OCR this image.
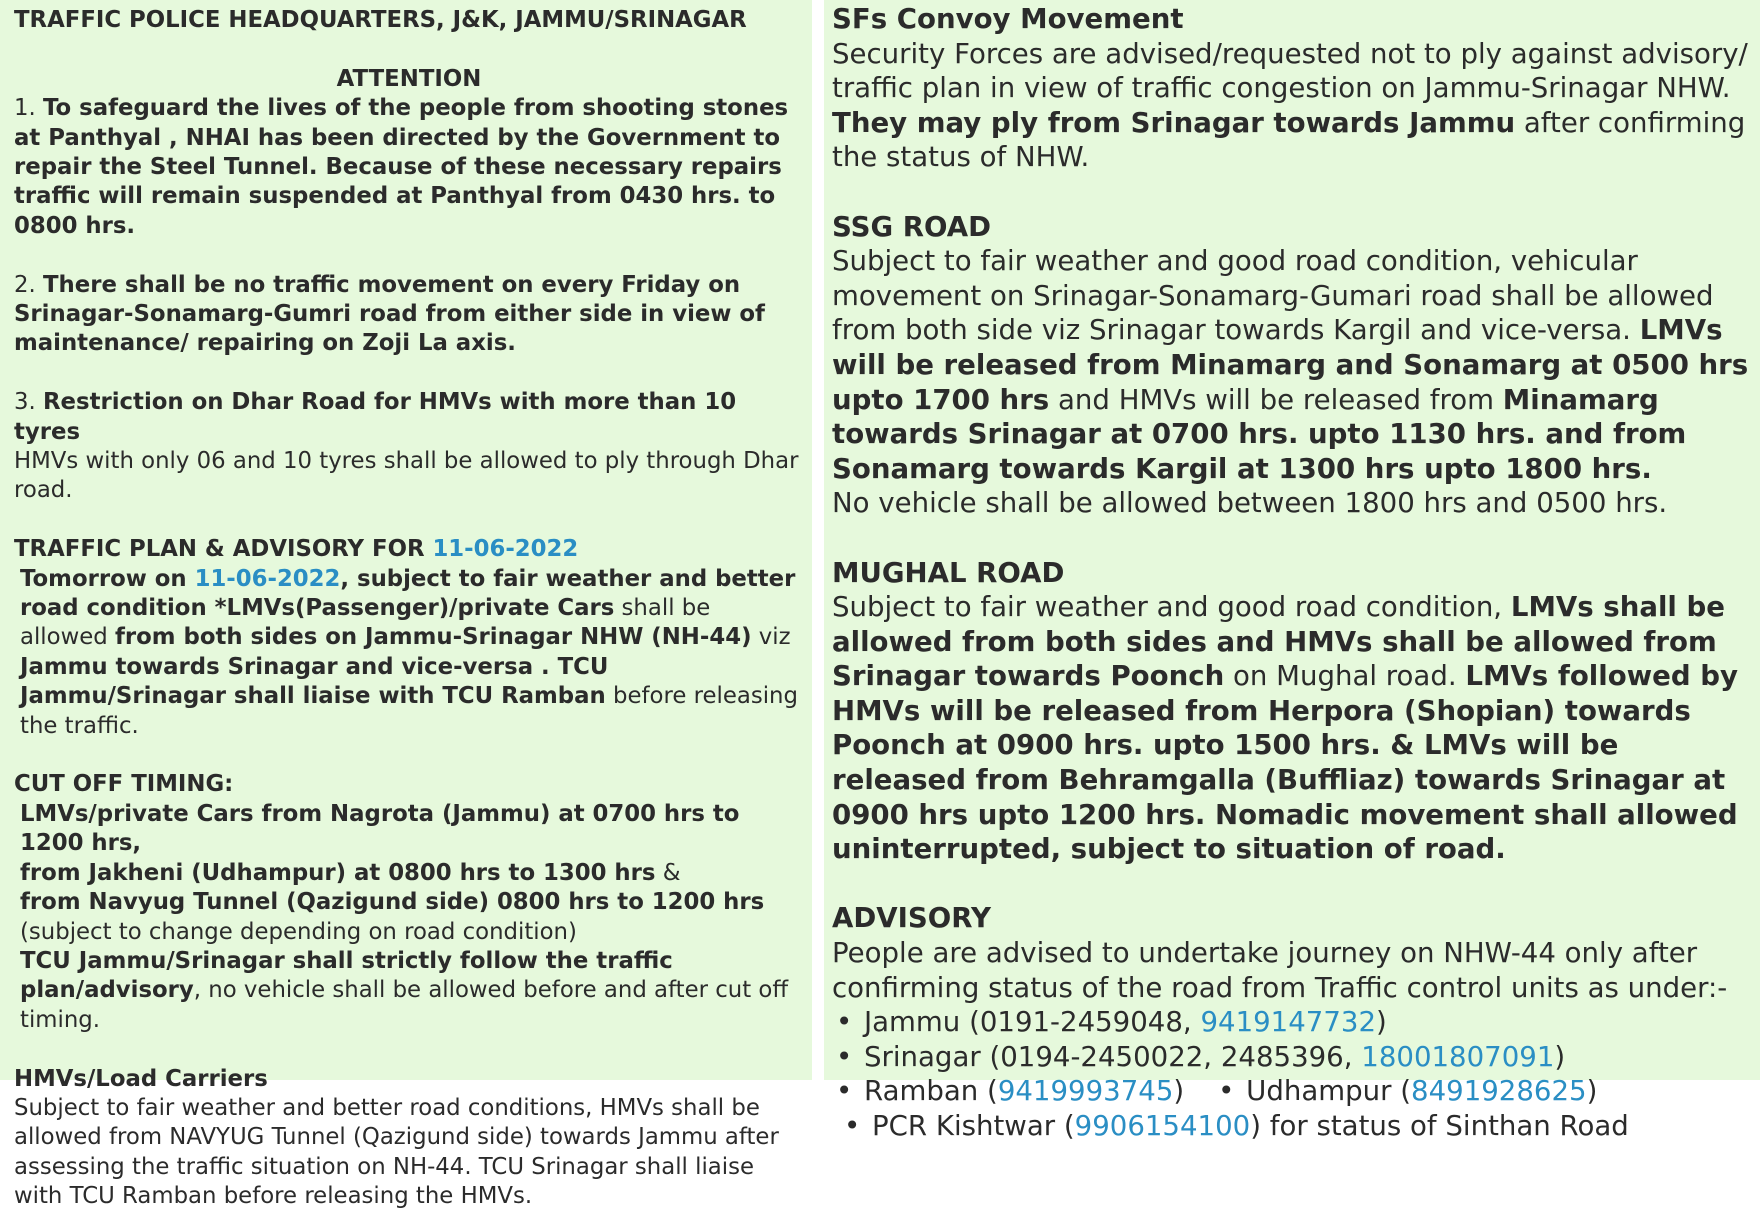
TRAFFIC POLICE HEADQUARTERS, J&K, JAMMU/SRINAGAR
ATTENTION
1. To safeguard the lives of the people from shooting stones at Panthyal , NHAI has been directed by the Government to repair the Steel Tunnel. Because of these necessary repairs traffic will remain suspended at Panthyal from 0430 hrs. to 0800 hrs.
2. There shall be no traffic movement on every Friday on Srinagar-Sonamarg-Gumri road from either side in view of maintenance/ repairing on Zoji La axis.
3. Restriction on Dhar Road for HMVs with more than 10 tyres
HMVs with only 06 and 10 tyres shall be allowed to ply through Dhar road.
TRAFFIC PLAN & ADVISORY FOR 11-06-2022
Tomorrow on 11-06-2022, subject to fair weather and better road condition *LMVs(Passenger)/private Cars shall be allowed from both sides on Jammu-Srinagar NHW (NH-44) viz Jammu towards Srinagar and vice-versa . TCU Jammu/Srinagar shall liaise with TCU Ramban before releasing the traffic.
CUT OFF TIMING:
LMVs/private Cars from Nagrota (Jammu) at 0700 hrs to 1200 hrs,
from Jakheni (Udhampur) at 0800 hrs to 1300 hrs &
from Navyug Tunnel (Qazigund side) 0800 hrs to 1200 hrs (subject to change depending on road condition)
TCU Jammu/Srinagar shall strictly follow the traffic plan/advisory, no vehicle shall be allowed before and after cut off timing.
HMVs/Load Carriers
Subject to fair weather and better road conditions, HMVs shall be allowed from NAVYUG Tunnel (Qazigund side) towards Jammu after assessing the traffic situation on NH-44. TCU Srinagar shall liaise with TCU Ramban before releasing the HMVs.
SFs Convoy Movement
Security Forces are advised/requested not to ply against advisory/ traffic plan in view of traffic congestion on Jammu-Srinagar NHW. They may ply from Srinagar towards Jammu after confirming the status of NHW.
SSG ROAD
Subject to fair weather and good road condition, vehicular movement on Srinagar-Sonamarg-Gumari road shall be allowed from both side viz Srinagar towards Kargil and vice-versa. LMVs will be released from Minamarg and Sonamarg at 0500 hrs upto 1700 hrs and HMVs will be released from Minamarg towards Srinagar at 0700 hrs. upto 1130 hrs. and from Sonamarg towards Kargil at 1300 hrs upto 1800 hrs.
No vehicle shall be allowed between 1800 hrs and 0500 hrs.
MUGHAL ROAD
Subject to fair weather and good road condition, LMVs shall be allowed from both sides and HMVs shall be allowed from Srinagar towards Poonch on Mughal road. LMVs followed by HMVs will be released from Herpora (Shopian) towards Poonch at 0900 hrs. upto 1500 hrs. & LMVs will be released from Behramgalla (Buffliaz) towards Srinagar at 0900 hrs upto 1200 hrs. Nomadic movement shall allowed uninterrupted, subject to situation of road.
ADVISORY
People are advised to undertake journey on NHW-44 only after confirming status of the road from Traffic control units as under:-
• Jammu (0191-2459048, 9419147732)
• Srinagar (0194-2450022, 2485396, 18001807091)
• Ramban (9419993745)• Udhampur (8491928625)
• PCR Kishtwar (9906154100) for status of Sinthan Road
